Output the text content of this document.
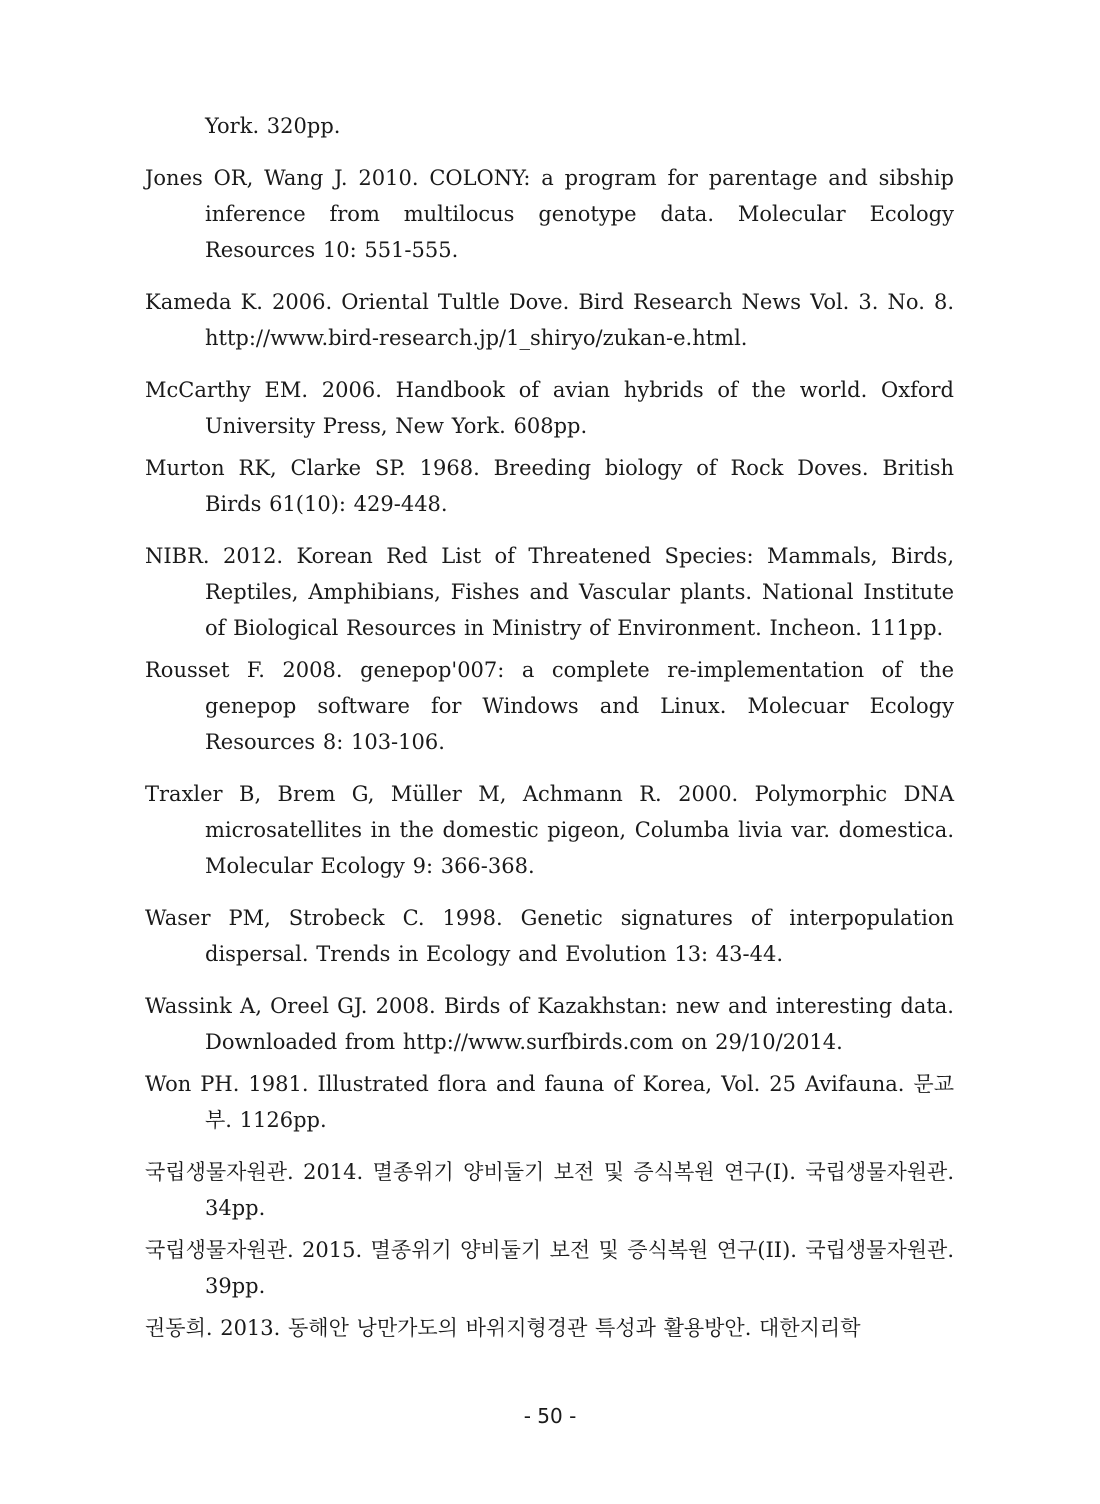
York. 320pp.

Jones OR, Wang J. 2010. COLONY: a program for parentage and sibship inference from multilocus genotype data. Molecular Ecology Resources 10: 551-555.

Kameda K. 2006. Oriental Tultle Dove. Bird Research News Vol. 3. No. 8. http://www.bird-research.jp/1_shiryo/zukan-e.html.

McCarthy EM. 2006. Handbook of avian hybrids of the world. Oxford University Press, New York. 608pp.

Murton RK, Clarke SP. 1968. Breeding biology of Rock Doves. British Birds 61(10): 429-448.

NIBR. 2012. Korean Red List of Threatened Species: Mammals, Birds, Reptiles, Amphibians, Fishes and Vascular plants. National Institute of Biological Resources in Ministry of Environment. Incheon. 111pp.

Rousset F. 2008. genepop'007: a complete re-implementation of the genepop software for Windows and Linux. Molecuar Ecology Resources 8: 103-106.

Traxler B, Brem G, Müller M, Achmann R. 2000. Polymorphic DNA microsatellites in the domestic pigeon, Columba livia var. domestica. Molecular Ecology 9: 366-368.

Waser PM, Strobeck C. 1998. Genetic signatures of interpopulation dispersal. Trends in Ecology and Evolution 13: 43-44.

Wassink A, Oreel GJ. 2008. Birds of Kazakhstan: new and interesting data. Downloaded from http://www.surfbirds.com on 29/10/2014.

Won PH. 1981. Illustrated flora and fauna of Korea, Vol. 25 Avifauna. 문교부. 1126pp.

국립생물자원관. 2014. 멸종위기 양비둘기 보전 및 증식복원 연구(I). 국립생물자원관. 34pp.

국립생물자원관. 2015. 멸종위기 양비둘기 보전 및 증식복원 연구(II). 국립생물자원관. 39pp.

권동희. 2013. 동해안 낭만가도의 바위지형경관 특성과 활용방안. 대한지리학

- 50 -
